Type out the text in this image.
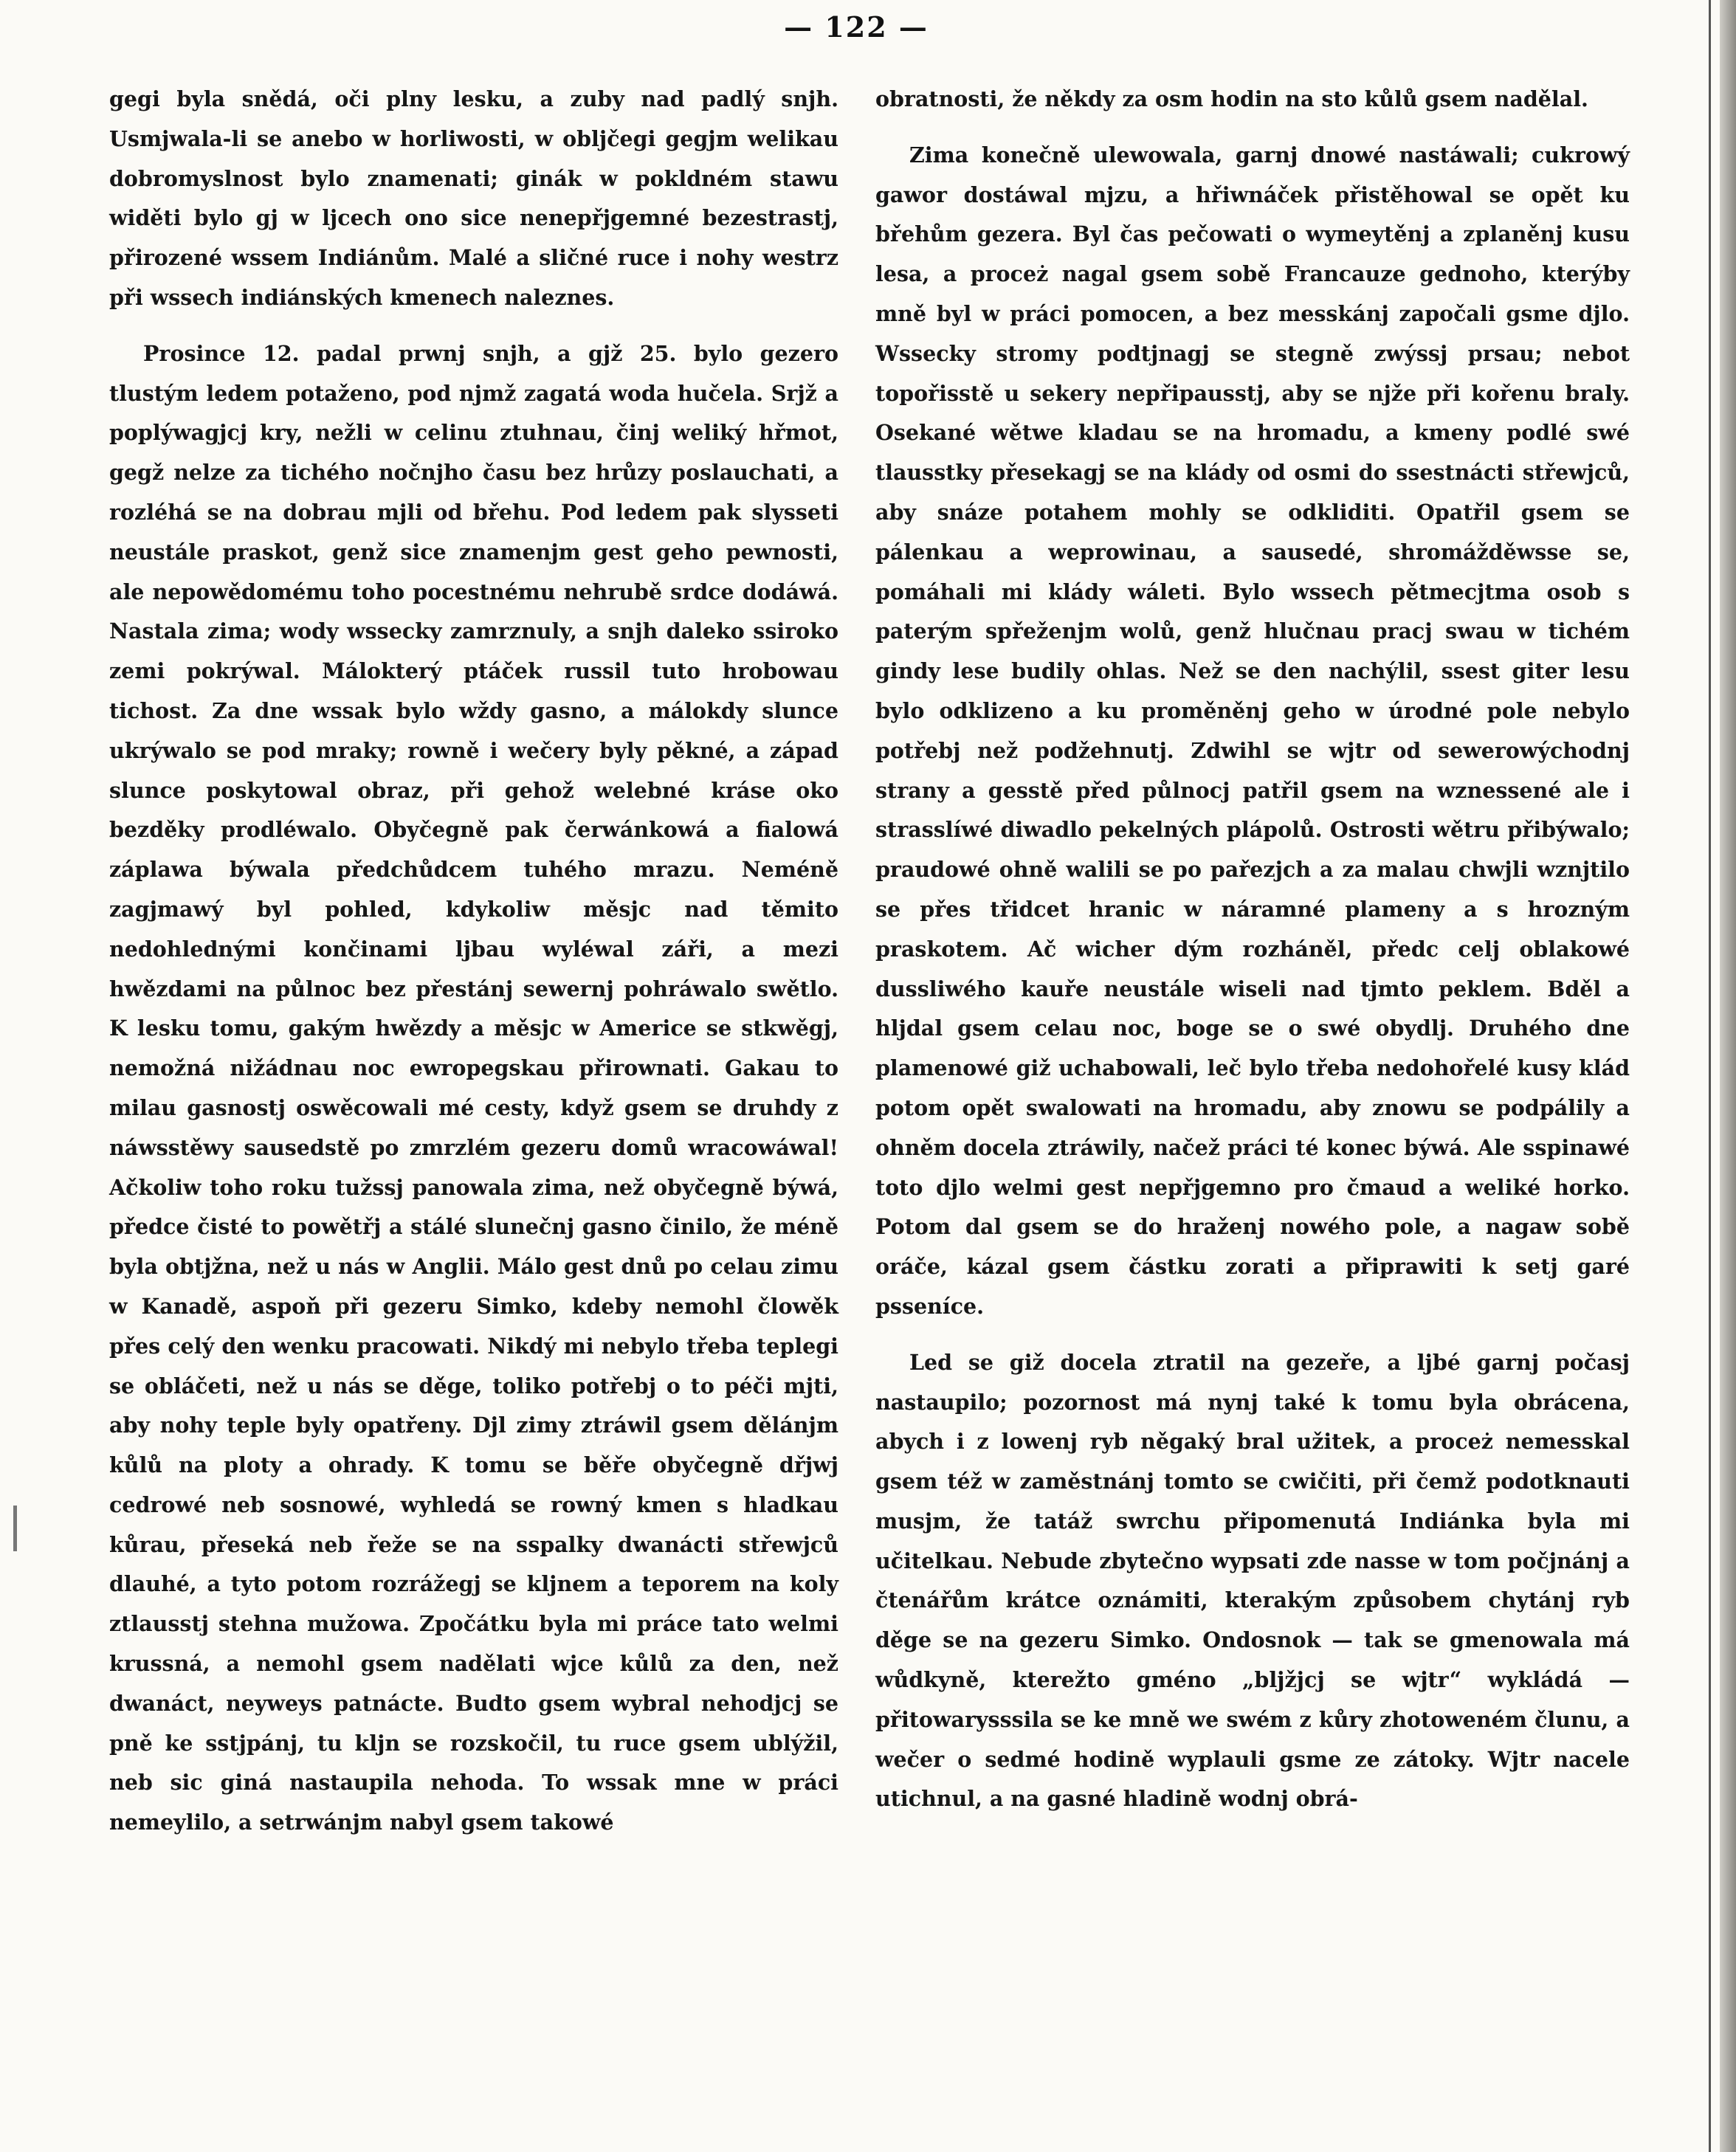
— 122 —

gegi byla snědá, oči plny lesku, a zuby nad padlý snjh. Usmjwala-li se anebo w horliwosti, w obljčegi gegjm welikau dobromyslnost bylo znamenati; ginák w pokldném stawu widěti bylo gj w ljcech ono sice nenepřjgemné bezestrastj, přirozené wssem Indiánům. Malé a sličné ruce i nohy westrz při wssech indiánských kmenech naleznes.

Prosince 12. padal prwnj snjh, a gjž 25. bylo gezero tlustým ledem potaženo, pod njmž zagatá woda hučela. Srjž a poplýwagjcj kry, nežli w celinu ztuhnau, činj weliký hřmot, gegž nelze za tichého nočnjho času bez hrůzy poslauchati, a rozléhá se na dobrau mjli od břehu. Pod ledem pak slysseti neustále praskot, genž sice znamenjm gest geho pewnosti, ale nepowědomému toho pocestnému nehrubě srdce dodáwá. Nastala zima; wody wssecky zamrznuly, a snjh daleko ssiroko zemi pokrýwal. Málokterý ptáček russil tuto hrobowau tichost. Za dne wssak bylo wždy gasno, a málokdy slunce ukrýwalo se pod mraky; rowně i wečery byly pěkné, a západ slunce poskytowal obraz, při gehož welebné kráse oko bezděky prodléwalo. Obyčegně pak čerwánkowá a fialowá záplawa býwala předchůdcem tuhého mrazu. Neméně zagjmawý byl pohled, kdykoliw měsjc nad těmito nedohlednými končinami ljbau wyléwal záři, a mezi hwězdami na půlnoc bez přestánj sewernj pohráwalo swětlo. K lesku tomu, gakým hwězdy a měsjc w Americe se stkwěgj, nemožná nižádnau noc ewropegskau přirownati. Gakau to milau gasnostj oswěcowali mé cesty, když gsem se druhdy z náwsstěwy sausedstě po zmrzlém gezeru domů wracowáwal! Ačkoliw toho roku tužssj panowala zima, než obyčegně býwá, předce čisté to powětřj a stálé slunečnj gasno činilo, že méně byla obtjžna, než u nás w Anglii. Málo gest dnů po celau zimu w Kanadě, aspoň při gezeru Simko, kdeby nemohl člowěk přes celý den wenku pracowati. Nikdý mi nebylo třeba teplegi se obláčeti, než u nás se děge, toliko potřebj o to péči mjti, aby nohy teple byly opatřeny. Djl zimy ztráwil gsem dělánjm kůlů na ploty a ohrady. K tomu se běře obyčegně dřjwj cedrowé neb sosnowé, wyhledá se rowný kmen s hladkau kůrau, přeseká neb řeže se na sspalky dwanácti střewjců dlauhé, a tyto potom rozrážegj se kljnem a teporem na koly ztlausstj stehna mužowa. Zpočátku byla mi práce tato welmi krussná, a nemohl gsem nadělati wjce kůlů za den, než dwanáct, neyweys patnácte. Budto gsem wybral nehodjcj se pně ke sstjpánj, tu kljn se rozskočil, tu ruce gsem ublýžil, neb sic giná nastaupila nehoda. To wssak mne w práci nemeylilo, a setrwánjm nabyl gsem takowé

obratnosti, že někdy za osm hodin na sto kůlů gsem nadělal.

Zima konečně ulewowala, garnj dnowé nastáwali; cukrowý gawor dostáwal mjzu, a hřiwnáček přistěhowal se opět ku břehům gezera. Byl čas pečowati o wymeytěnj a zplaněnj kusu lesa, a proceż nagal gsem sobě Francauze gednoho, kterýby mně byl w práci pomocen, a bez messkánj započali gsme djlo. Wssecky stromy podtjnagj se stegně zwýssj prsau; nebot topořisstě u sekery nepřipausstj, aby se njže při kořenu braly. Osekané wětwe kladau se na hromadu, a kmeny podlé swé tlausstky přesekagj se na klády od osmi do ssestnácti střewjců, aby snáze potahem mohly se odkliditi. Opatřil gsem se pálenkau a weprowinau, a sausedé, shromážděwsse se, pomáhali mi klády wáleti. Bylo wssech pětmecjtma osob s paterým spřeženjm wolů, genž hlučnau pracj swau w tichém gindy lese budily ohlas. Než se den nachýlil, ssest giter lesu bylo odklizeno a ku proměněnj geho w úrodné pole nebylo potřebj než podžehnutj. Zdwihl se wjtr od sewerowýchodnj strany a gesstě před půlnocj patřil gsem na wznessené ale i strasslíwé diwadlo pekelných plápolů. Ostrosti wětru přibýwalo; praudowé ohně walili se po pařezjch a za malau chwjli wznjtilo se přes třidcet hranic w náramné plameny a s hrozným praskotem. Ač wicher dým rozháněl, předc celj oblakowé dussliwého kauře neustále wiseli nad tjmto peklem. Bděl a hljdal gsem celau noc, boge se o swé obydlj. Druhého dne plamenowé giž uchabowali, leč bylo třeba nedohořelé kusy klád potom opět swalowati na hromadu, aby znowu se podpálily a ohněm docela ztráwily, načež práci té konec býwá. Ale sspinawé toto djlo welmi gest nepřjgemno pro čmaud a weliké horko. Potom dal gsem se do hraženj nowého pole, a nagaw sobě oráče, kázal gsem částku zorati a připrawiti k setj garé psseníce.

Led se giž docela ztratil na gezeře, a ljbé garnj počasj nastaupilo; pozornost má nynj také k tomu byla obrácena, abych i z lowenj ryb něgaký bral užitek, a proceż nemesskal gsem též w zaměstnánj tomto se cwičiti, při čemž podotknauti musjm, že tatáž swrchu připomenutá Indiánka byla mi učitelkau. Nebude zbytečno wypsati zde nasse w tom počjnánj a čtenářům krátce oznámiti, kterakým způsobem chytánj ryb děge se na gezeru Simko. Ondosnok — tak se gmenowala má wůdkyně, kterežto gméno „bljžjcj se wjtr“ wykládá — přitowarysssila se ke mně we swém z kůry zhotoweném člunu, a wečer o sedmé hodině wyplauli gsme ze zátoky. Wjtr nacele utichnul, a na gasné hladině wodnj obrá-
